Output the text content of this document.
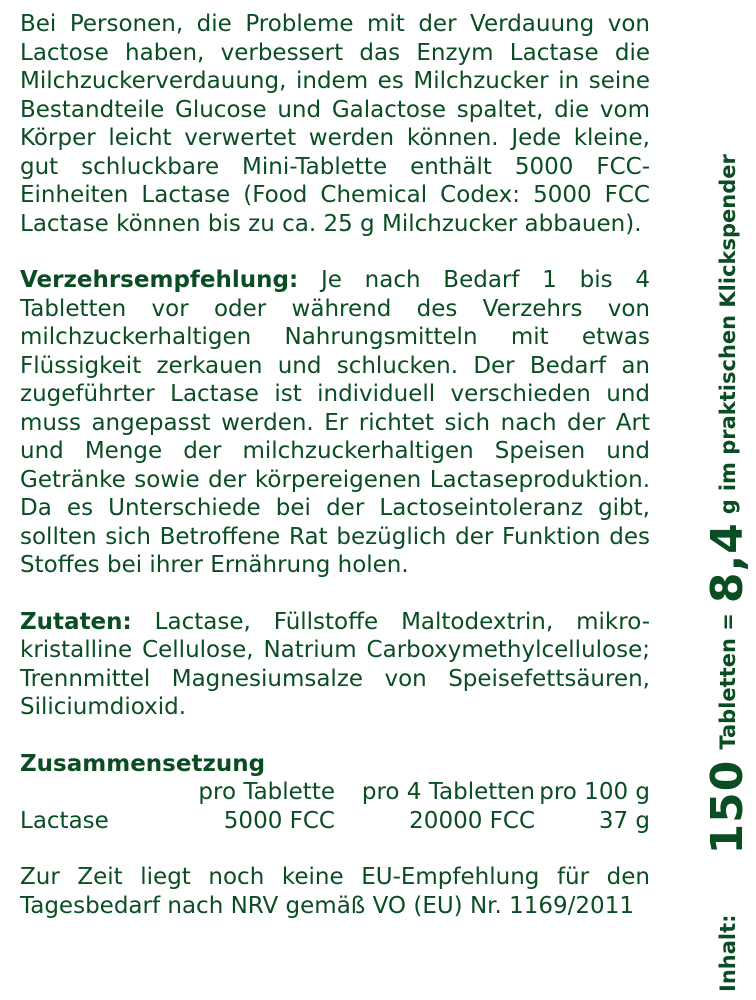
Bei Personen, die Probleme mit der Verdauung von Lactose haben, verbessert das Enzym Lactase die Milchzuckerverdauung, indem es Milchzucker in seine Bestandteile Glucose und Galactose spaltet, die vom Körper leicht verwertet werden können. Jede kleine, gut schluckbare Mini-Tablette enthält 5000 FCC-Einheiten Lactase (Food Chemical Codex: 5000 FCC Lactase können bis zu ca. 25 g Milchzucker abbauen).

Verzehrsempfehlung: Je nach Bedarf 1 bis 4 Tabletten vor oder während des Verzehrs von milchzuckerhaltigen Nahrungsmitteln mit etwas Flüssigkeit zerkauen und schlucken. Der Bedarf an zugeführter Lactase ist individuell verschieden und muss angepasst werden. Er richtet sich nach der Art und Menge der milchzuckerhaltigen Speisen und Getränke sowie der körpereigenen Lactaseproduktion. Da es Unterschiede bei der Lactoseintoleranz gibt, sollten sich Betroffene Rat bezüglich der Funktion des Stoffes bei ihrer Ernährung holen.

Zutaten: Lactase, Füllstoffe Maltodextrin, mikro-kristalline Cellulose, Natrium Carboxymethylcellulose; Trennmittel Magnesiumsalze von Speisefettsäuren, Siliciumdioxid.

Zusammensetzung
	pro Tablette	pro 4 Tabletten	pro 100 g
Lactase	5000 FCC	20000 FCC	37 g

Zur Zeit liegt noch keine EU-Empfehlung für den Tagesbedarf nach NRV gemäß VO (EU) Nr. 1169/2011

Inhalt:
150
Tabletten =
8,4
g
im praktischen Klickspender
